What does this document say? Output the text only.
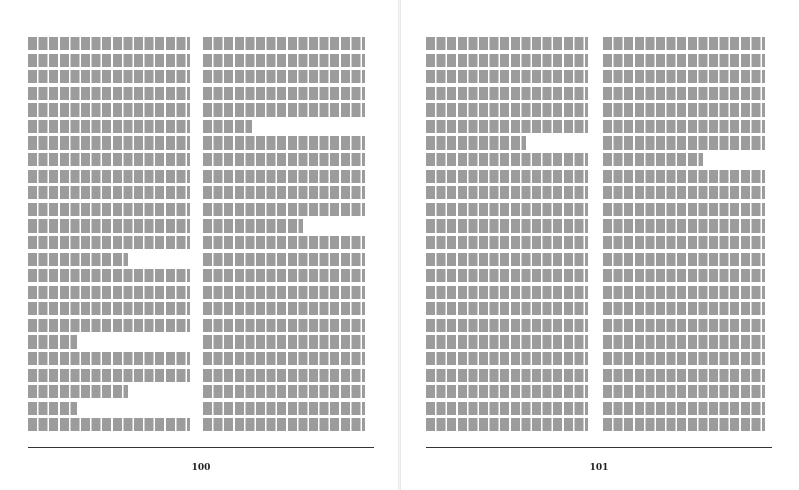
100	101
